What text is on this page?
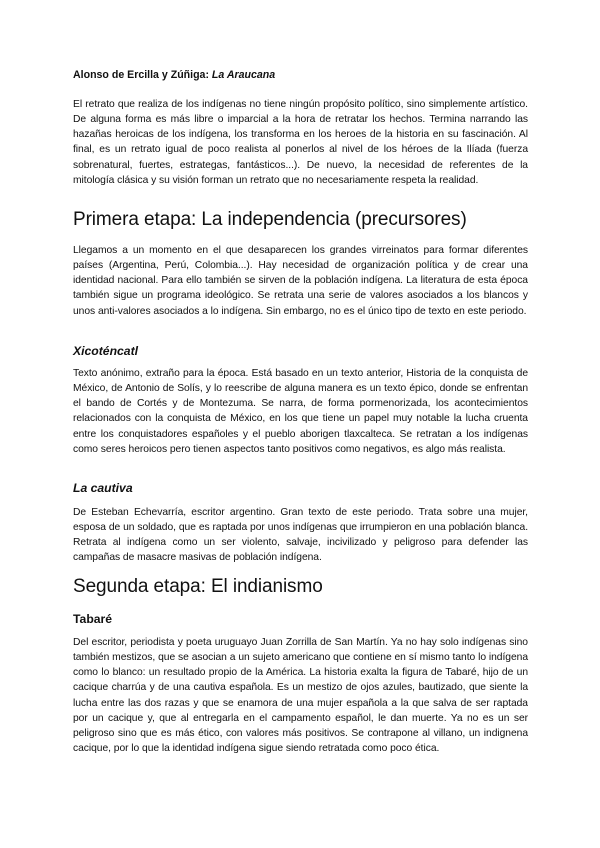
Alonso de Ercilla y Zúñiga: La Araucana

El retrato que realiza de los indígenas no tiene ningún propósito político, sino simplemente artístico. De alguna forma es más libre o imparcial a la hora de retratar los hechos. Termina narrando las hazañas heroicas de los indígena, los transforma en los heroes de la historia en su fascinación. Al final, es un retrato igual de poco realista al ponerlos al nivel de los héroes de la Ilíada (fuerza sobrenatural, fuertes, estrategas, fantásticos...). De nuevo, la necesidad de referentes de la mitología clásica y su visión forman un retrato que no necesariamente respeta la realidad.

Primera etapa: La independencia (precursores)

Llegamos a un momento en el que desaparecen los grandes virreinatos para formar diferentes países (Argentina, Perú, Colombia...). Hay necesidad de organización política y de crear una identidad nacional. Para ello también se sirven de la población indígena. La literatura de esta época también sigue un programa ideológico. Se retrata una serie de valores asociados a los blancos y unos anti-valores asociados a lo indígena. Sin embargo, no es el único tipo de texto en este periodo.

Xicoténcatl

Texto anónimo, extraño para la época. Está basado en un texto anterior, Historia de la conquista de México, de Antonio de Solís, y lo reescribe de alguna manera es un texto épico, donde se enfrentan el bando de Cortés y de Montezuma. Se narra, de forma pormenorizada, los acontecimientos relacionados con la conquista de México, en los que tiene un papel muy notable la lucha cruenta entre los conquistadores españoles y el pueblo aborigen tlaxcalteca. Se retratan a los indígenas como seres heroicos pero tienen aspectos tanto positivos como negativos, es algo más realista.

La cautiva

De Esteban Echevarría, escritor argentino. Gran texto de este periodo. Trata sobre una mujer, esposa de un soldado, que es raptada por unos indígenas que irrumpieron en una población blanca. Retrata al indígena como un ser violento, salvaje, incivilizado y peligroso para defender las campañas de masacre masivas de población indígena.

Segunda etapa: El indianismo
Tabaré

Del escritor, periodista y poeta uruguayo Juan Zorrilla de San Martín. Ya no hay solo indígenas sino también mestizos, que se asocian a un sujeto americano que contiene en sí mismo tanto lo indígena como lo blanco: un resultado propio de la América. La historia exalta la figura de Tabaré, hijo de un cacique charrúa y de una cautiva española. Es un mestizo de ojos azules, bautizado, que siente la lucha entre las dos razas y que se enamora de una mujer española a la que salva de ser raptada por un cacique y, que al entregarla en el campamento español, le dan muerte. Ya no es un ser peligroso sino que es más ético, con valores más positivos. Se contrapone al villano, un indignena cacique, por lo que la identidad indígena sigue siendo retratada como poco ética.
